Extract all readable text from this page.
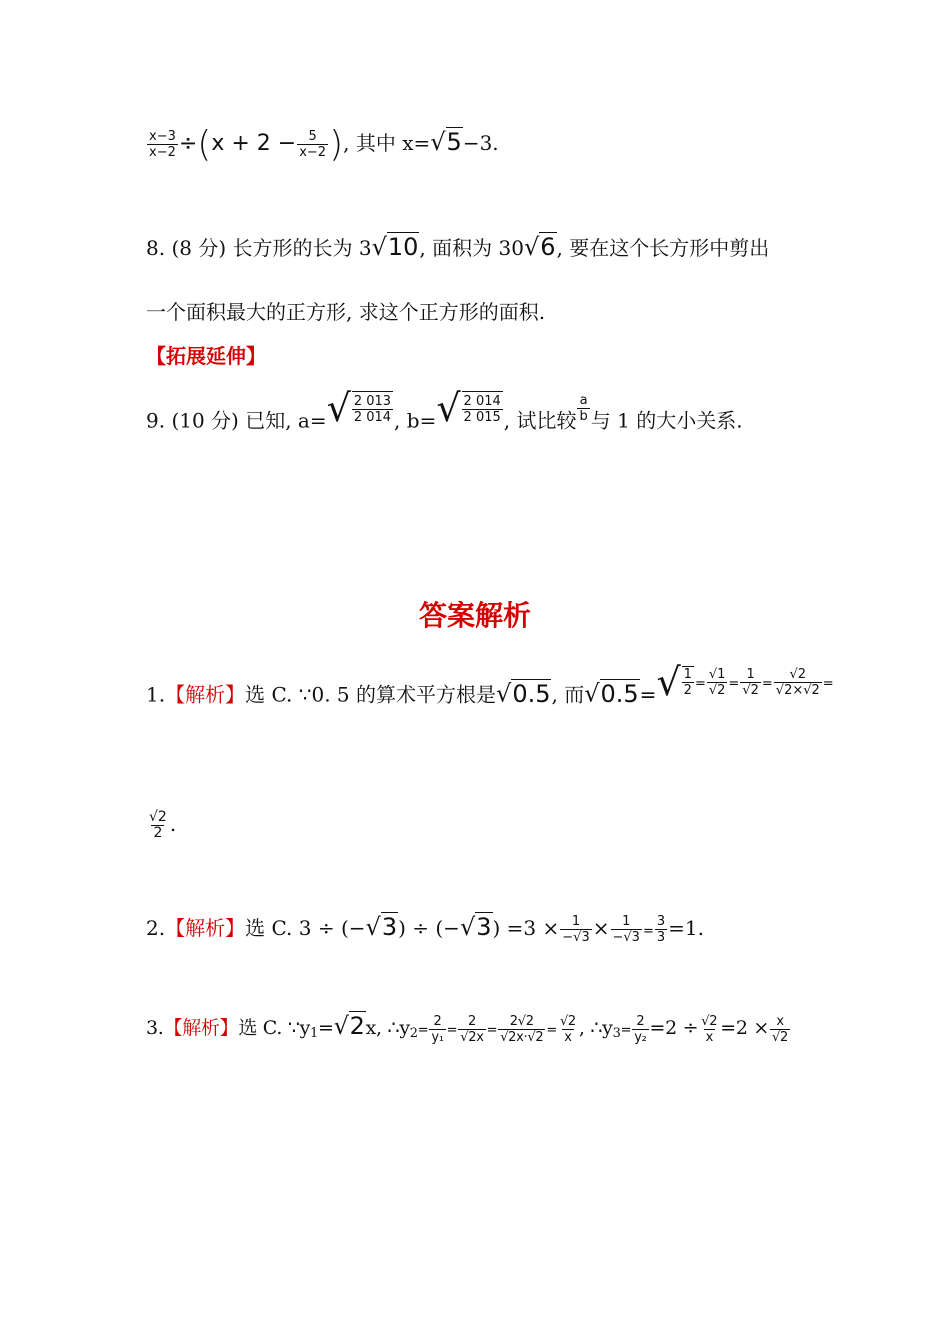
$\frac{x-3}{x-2} \div(x + 2 - \frac{5}{x-2}$ ), 其中 x=√5−3.
8. (8 分) 长方形的长为 3√10, 面积为 30√6, 要在这个长方形中剪出
一个面积最大的正方形, 求这个正方形的面积.
【拓展延伸】
9. (10 分) 已知, $a=√ \frac{2 013}{2 014}$ , $b=√ \frac{2 014}{2 015}$ , 试比较 $\frac{a}{b}$ 与 1 的大小关系.
答案解析
1.【解析】选 C. ∵0. 5 的算术平方根是√0.5, 而$√0.5=√ \frac{1}{2} = \frac{√1}{√2} = \frac{1}{√2} = \frac{√2}{√2\times√2}$ =
$\frac{√2}{2}$ .
2.【解析】选 C. $3 \div (-√3) \div (-√3) =3 \times \frac{1}{-√3} \times \frac{1}{-√3} = \frac{3}{3} =1$.
3.【解析】选 C. $\because y_1=√2x$, $\therefore y_2= \frac{2}{\text{y₁}} = \frac{2}{√2x} = \frac{2√2}{√2x\cdot√2} = \frac{√2}{x}$ , $\therefore y_3= \frac{2}{\text{y₂}} =2 \div \frac{√2}{x} =2 \times \frac{x}{√2}$
